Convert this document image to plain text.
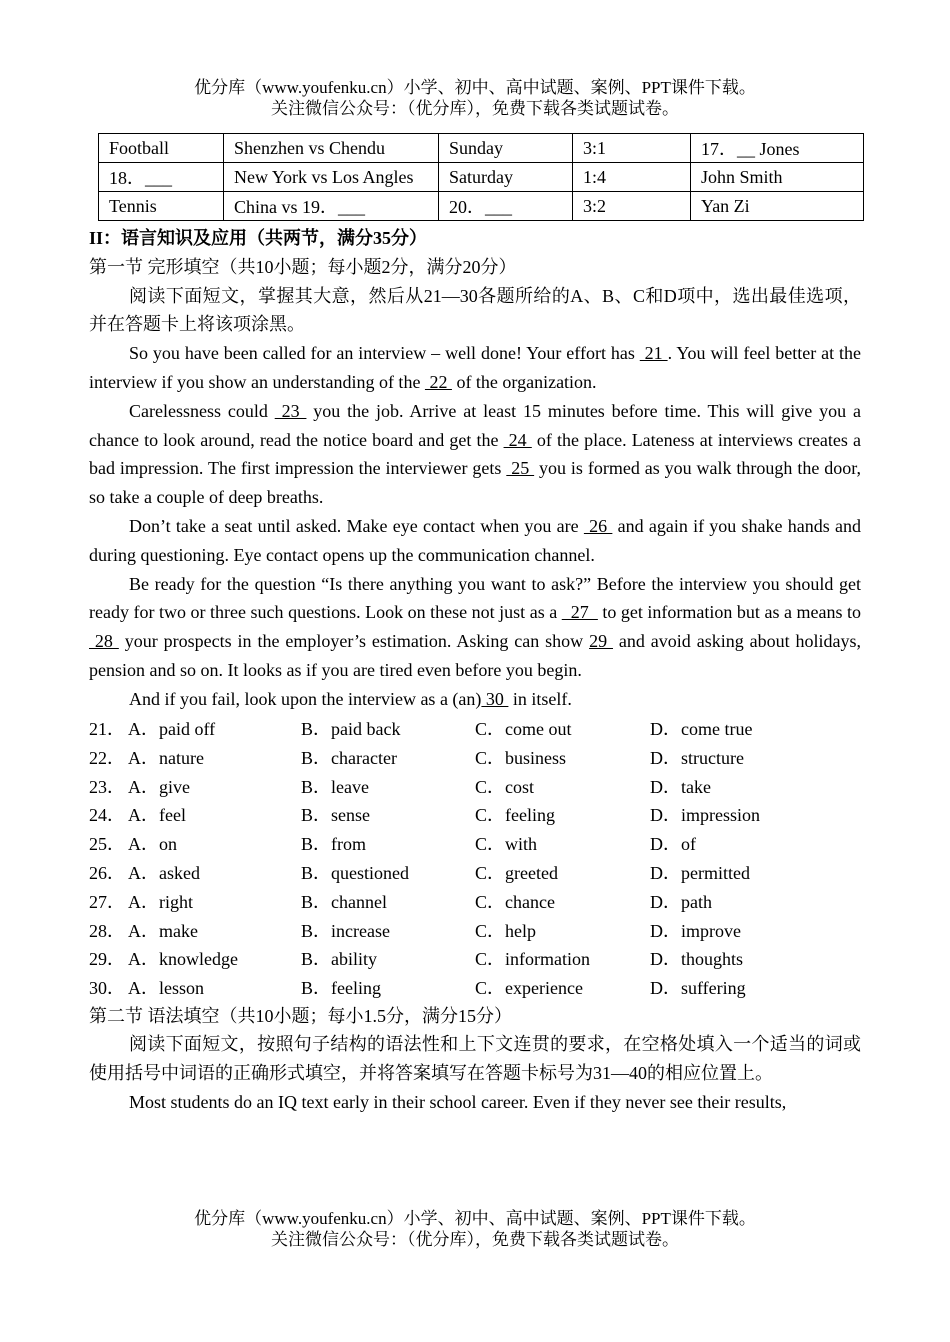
优分库（www.youfenku.cn）小学、初中、高中试题、案例、PPT课件下载。
关注微信公众号：（优分库），免费下载各类试题试卷。
Football	Shenzhen vs Chendu	Sunday	3:1	17．__ Jones
18．___	New York vs Los Angles	Saturday	1:4	John Smith
Tennis	China vs 19．___	20．___	3:2	Yan Zi
II：语言知识及应用（共两节，满分35分）
第一节 完形填空（共10小题；每小题2分，满分20分）

阅读下面短文，掌握其大意，然后从21—30各题所给的A、B、C和D项中，选出最佳选项，并在答题卡上将该项涂黑。

So you have been called for an interview – well done! Your effort has  21 . You will feel better at the interview if you show an understanding of the  22  of the organization.

Carelessness could  23  you the job. Arrive at least 15 minutes before time. This will give you a chance to look around, read the notice board and get the  24  of the place. Lateness at interviews creates a bad impression. The first impression the interviewer gets  25  you is formed as you walk through the door, so take a couple of deep breaths.

Don’t take a seat until asked. Make eye contact when you are  26  and again if you shake hands and during questioning. Eye contact opens up the communication channel.

Be ready for the question “Is there anything you want to ask?” Before the interview you should get ready for two or three such questions. Look on these not just as a   27   to get information but as a means to  28  your prospects in the employer’s estimation. Asking can show 29  and avoid asking about holidays, pension and so on. It looks as if you are tired even before you begin.

And if you fail, look upon the interview as a (an) 30  in itself.

21．	A．paid off	B．paid back	C．come out	D．come true
22．	A．nature	B．character	C．business	D．structure
23．	A．give	B．leave	C．cost	D．take
24．	A．feel	B．sense	C．feeling	D．impression
25．	A．on	B．from	C．with	D．of
26．	A．asked	B．questioned	C．greeted	D．permitted
27．	A．right	B．channel	C．chance	D．path
28．	A．make	B．increase	C．help	D．improve
29．	A．knowledge	B．ability	C．information	D．thoughts
30．	A．lesson	B．feeling	C．experience	D．suffering
第二节 语法填空（共10小题；每小1.5分，满分15分）

阅读下面短文，按照句子结构的语法性和上下文连贯的要求，在空格处填入一个适当的词或使用括号中词语的正确形式填空，并将答案填写在答题卡标号为31—40的相应位置上。

Most students do an IQ text early in their school career. Even if they never see their results,

优分库（www.youfenku.cn）小学、初中、高中试题、案例、PPT课件下载。
关注微信公众号：（优分库），免费下载各类试题试卷。
